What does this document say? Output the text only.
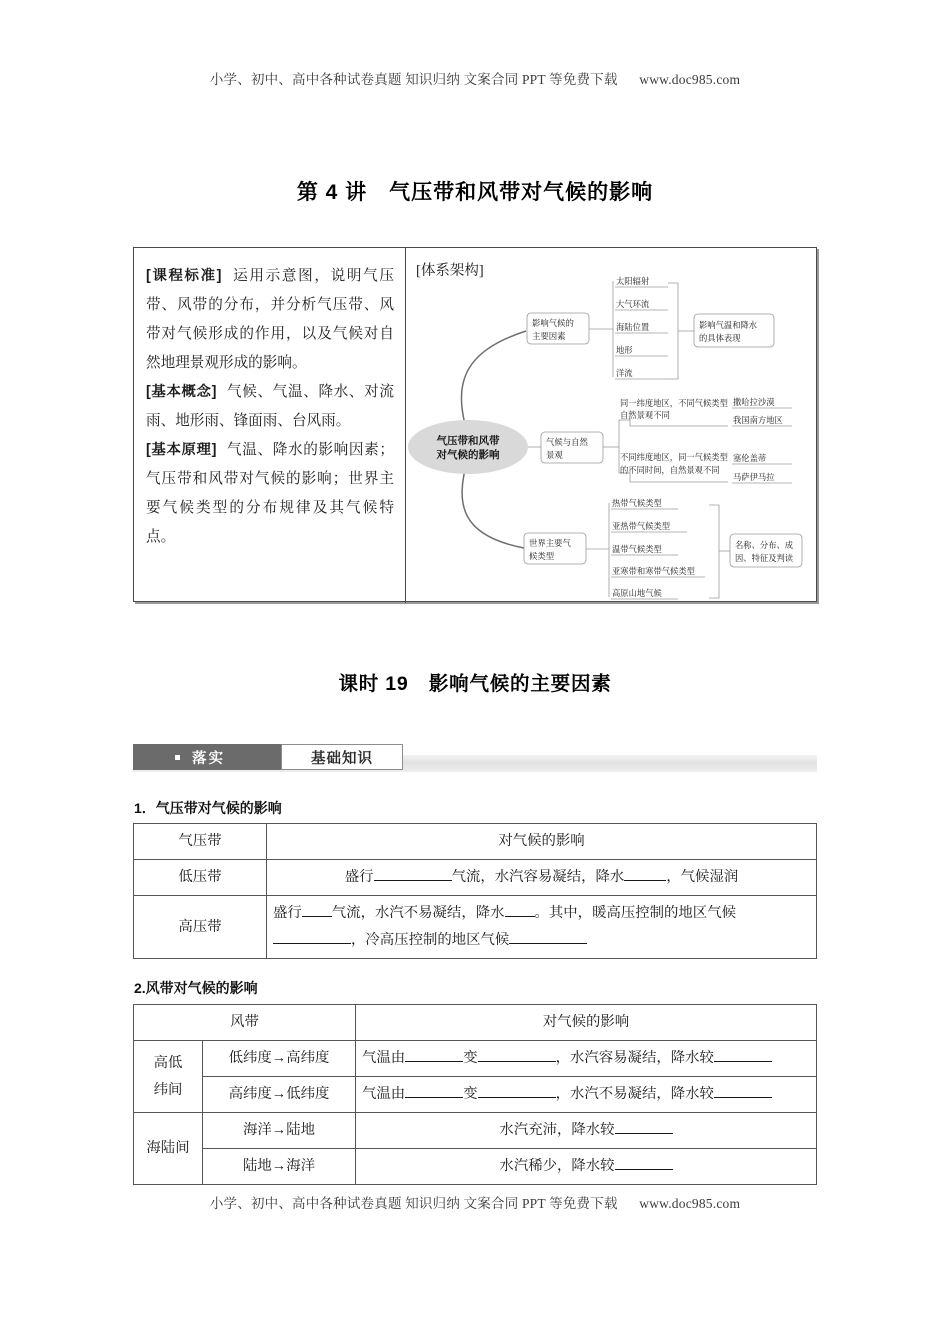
小学、初中、高中各种试卷真题 知识归纳 文案合同 PPT 等免费下载 www.doc985.com
第 4 讲　气压带和风带对气候的影响
[课程标准] 运用示意图，说明气压带、风带的分布，并分析气压带、风带对气候形成的作用，以及气候对自然地理景观形成的影响。
[基本概念] 气候、气温、降水、对流雨、地形雨、锋面雨、台风雨。
[基本原理] 气温、降水的影响因素；气压带和风带对气候的影响；世界主要气候类型的分布规律及其气候特点。
[体系架构]
气压带和风带
对气候的影响
影响气候的
主要因素
太阳辐射
大气环流
海陆位置
地形
洋流
影响气温和降水
的具体表现
气候与自然
景观
同一纬度地区，不同气候类型
自然景观不同
撒哈拉沙漠
我国南方地区
不同纬度地区，同一气候类型
的不同时间，自然景观不同
塞伦盖蒂
马萨伊马拉
世界主要气
候类型
热带气候类型
亚热带气候类型
温带气候类型
亚寒带和寒带气候类型
高原山地气候
名称、分布、成
因、特征及判读
课时 19　影响气候的主要因素
落实	基础知识
1．气压带对气候的影响
气压带	对气候的影响
低压带	盛行 气流，水汽容易凝结，降水 ，气候湿润
高压带	盛行 气流，水汽不易凝结，降水 。其中，暖高压控制的地区气候
，冷高压控制的地区气候
2.风带对气候的影响
风带		对气候的影响
高低
纬间	低纬度→高纬度	气温由 变 ，水汽容易凝结，降水较
	高纬度→低纬度	气温由 变 ，水汽不易凝结，降水较
海陆间	海洋→陆地	水汽充沛，降水较
	陆地→海洋	水汽稀少，降水较
小学、初中、高中各种试卷真题 知识归纳 文案合同 PPT 等免费下载 www.doc985.com
